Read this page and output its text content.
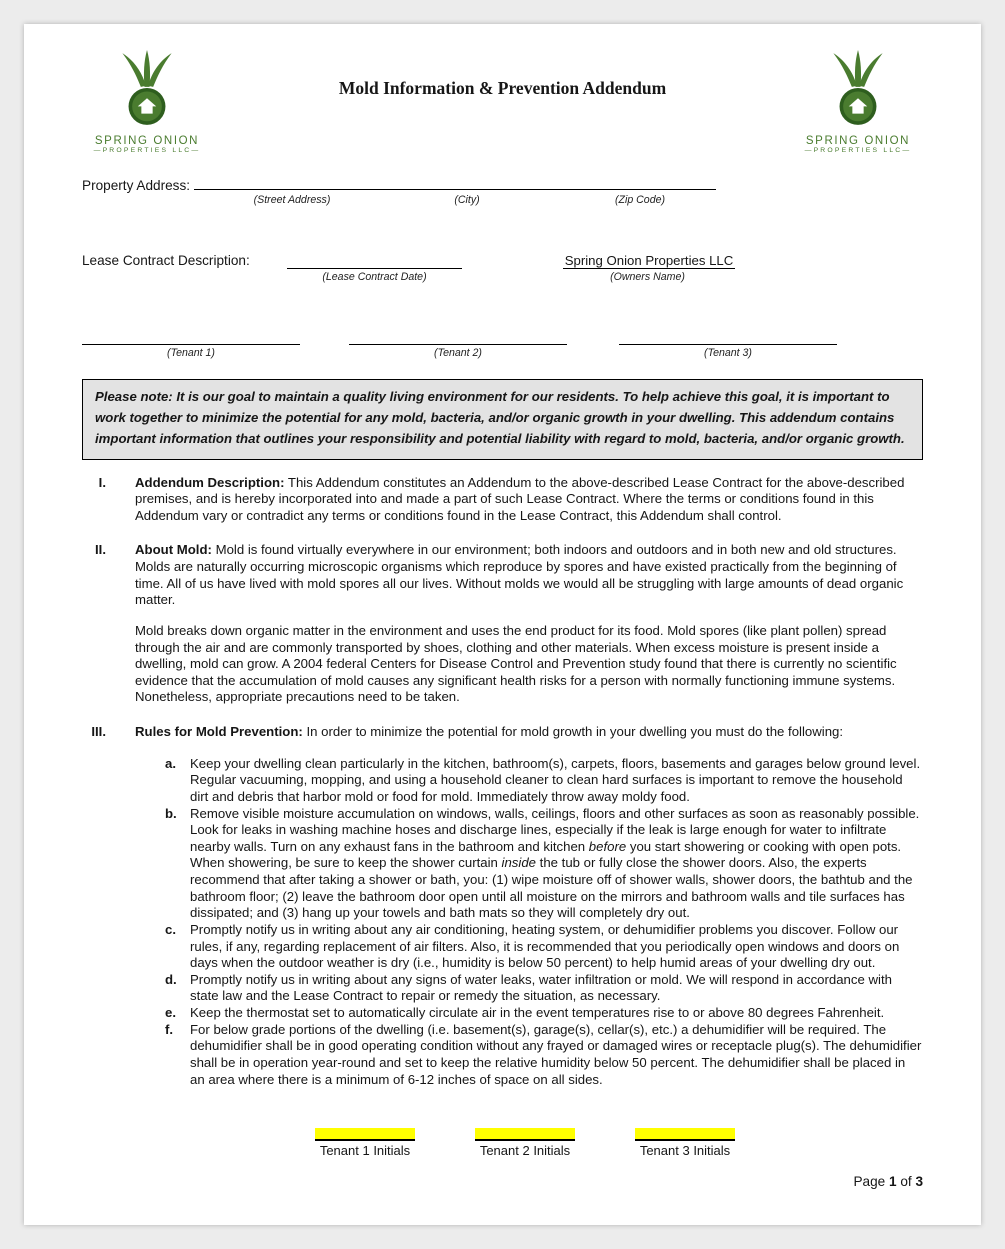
SPRING ONION
—PROPERTIES LLC—
Mold Information & Prevention Addendum
SPRING ONION
—PROPERTIES LLC—
Property Address:
(Street Address)	(City)	(Zip Code)
Lease Contract Description:	Spring Onion Properties LLC
(Lease Contract Date)	(Owners Name)
(Tenant 1)	(Tenant 2)	(Tenant 3)
Please note: It is our goal to maintain a quality living environment for our residents. To help achieve this goal, it is important to work together to minimize the potential for any mold, bacteria, and/or organic growth in your dwelling. This addendum contains important information that outlines your responsibility and potential liability with regard to mold, bacteria, and/or organic growth.
I. Addendum Description: This Addendum constitutes an Addendum to the above-described Lease Contract for the above-described premises, and is hereby incorporated into and made a part of such Lease Contract. Where the terms or conditions found in this Addendum vary or contradict any terms or conditions found in the Lease Contract, this Addendum shall control.

II. About Mold: Mold is found virtually everywhere in our environment; both indoors and outdoors and in both new and old structures. Molds are naturally occurring microscopic organisms which reproduce by spores and have existed practically from the beginning of time. All of us have lived with mold spores all our lives. Without molds we would all be struggling with large amounts of dead organic matter.

Mold breaks down organic matter in the environment and uses the end product for its food. Mold spores (like plant pollen) spread through the air and are commonly transported by shoes, clothing and other materials. When excess moisture is present inside a dwelling, mold can grow. A 2004 federal Centers for Disease Control and Prevention study found that there is currently no scientific evidence that the accumulation of mold causes any significant health risks for a person with normally functioning immune systems. Nonetheless, appropriate precautions need to be taken.

III. Rules for Mold Prevention: In order to minimize the potential for mold growth in your dwelling you must do the following:

a.	Keep your dwelling clean particularly in the kitchen, bathroom(s), carpets, floors, basements and garages below ground level. Regular vacuuming, mopping, and using a household cleaner to clean hard surfaces is important to remove the household dirt and debris that harbor mold or food for mold. Immediately throw away moldy food.
b.	Remove visible moisture accumulation on windows, walls, ceilings, floors and other surfaces as soon as reasonably possible. Look for leaks in washing machine hoses and discharge lines, especially if the leak is large enough for water to infiltrate nearby walls. Turn on any exhaust fans in the bathroom and kitchen before you start showering or cooking with open pots. When showering, be sure to keep the shower curtain inside the tub or fully close the shower doors. Also, the experts recommend that after taking a shower or bath, you: (1) wipe moisture off of shower walls, shower doors, the bathtub and the bathroom floor; (2) leave the bathroom door open until all moisture on the mirrors and bathroom walls and tile surfaces has dissipated; and (3) hang up your towels and bath mats so they will completely dry out.
c.	Promptly notify us in writing about any air conditioning, heating system, or dehumidifier problems you discover. Follow our rules, if any, regarding replacement of air filters. Also, it is recommended that you periodically open windows and doors on days when the outdoor weather is dry (i.e., humidity is below 50 percent) to help humid areas of your dwelling dry out.
d.	Promptly notify us in writing about any signs of water leaks, water infiltration or mold. We will respond in accordance with state law and the Lease Contract to repair or remedy the situation, as necessary.
e.	Keep the thermostat set to automatically circulate air in the event temperatures rise to or above 80 degrees Fahrenheit.
f.	For below grade portions of the dwelling (i.e. basement(s), garage(s), cellar(s), etc.) a dehumidifier will be required. The dehumidifier shall be in good operating condition without any frayed or damaged wires or receptacle plug(s). The dehumidifier shall be in operation year-round and set to keep the relative humidity below 50 percent. The dehumidifier shall be placed in an area where there is a minimum of 6-12 inches of space on all sides.
Tenant 1 Initials	Tenant 2 Initials	Tenant 3 Initials
Page 1 of 3
